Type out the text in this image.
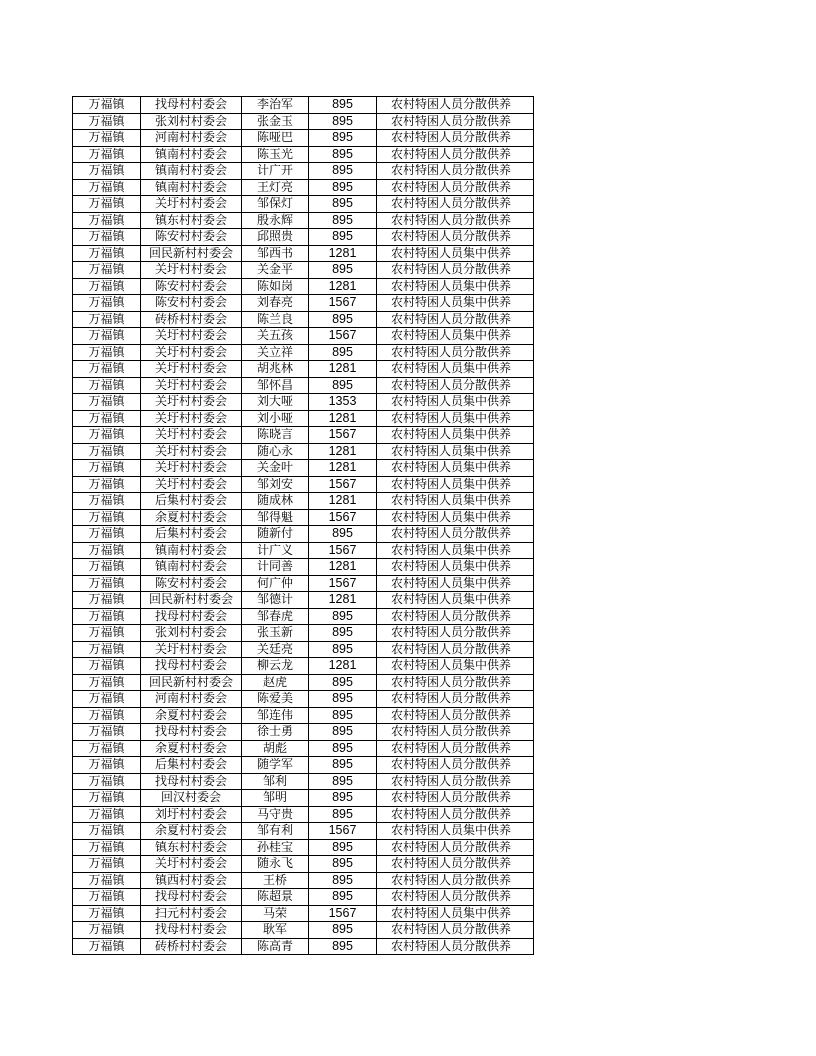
万福镇	找母村村委会	李治军	895	农村特困人员分散供养
万福镇	张刘村村委会	张金玉	895	农村特困人员分散供养
万福镇	河南村村委会	陈哑巴	895	农村特困人员分散供养
万福镇	镇南村村委会	陈玉光	895	农村特困人员分散供养
万福镇	镇南村村委会	计广开	895	农村特困人员分散供养
万福镇	镇南村村委会	王灯亮	895	农村特困人员分散供养
万福镇	关圩村村委会	邹保灯	895	农村特困人员分散供养
万福镇	镇东村村委会	殷永辉	895	农村特困人员分散供养
万福镇	陈安村村委会	邱照贵	895	农村特困人员分散供养
万福镇	回民新村村委会	邹西书	1281	农村特困人员集中供养
万福镇	关圩村村委会	关金平	895	农村特困人员分散供养
万福镇	陈安村村委会	陈如岗	1281	农村特困人员集中供养
万福镇	陈安村村委会	刘春亮	1567	农村特困人员集中供养
万福镇	砖桥村村委会	陈兰良	895	农村特困人员分散供养
万福镇	关圩村村委会	关五孩	1567	农村特困人员集中供养
万福镇	关圩村村委会	关立祥	895	农村特困人员分散供养
万福镇	关圩村村委会	胡兆林	1281	农村特困人员集中供养
万福镇	关圩村村委会	邹怀昌	895	农村特困人员分散供养
万福镇	关圩村村委会	刘大哑	1353	农村特困人员集中供养
万福镇	关圩村村委会	刘小哑	1281	农村特困人员集中供养
万福镇	关圩村村委会	陈晓言	1567	农村特困人员集中供养
万福镇	关圩村村委会	随心永	1281	农村特困人员集中供养
万福镇	关圩村村委会	关金叶	1281	农村特困人员集中供养
万福镇	关圩村村委会	邹刘安	1567	农村特困人员集中供养
万福镇	后集村村委会	随成林	1281	农村特困人员集中供养
万福镇	余夏村村委会	邹得魁	1567	农村特困人员集中供养
万福镇	后集村村委会	随新付	895	农村特困人员分散供养
万福镇	镇南村村委会	计广义	1567	农村特困人员集中供养
万福镇	镇南村村委会	计同善	1281	农村特困人员集中供养
万福镇	陈安村村委会	何广仲	1567	农村特困人员集中供养
万福镇	回民新村村委会	邹德计	1281	农村特困人员集中供养
万福镇	找母村村委会	邹春虎	895	农村特困人员分散供养
万福镇	张刘村村委会	张玉新	895	农村特困人员分散供养
万福镇	关圩村村委会	关廷亮	895	农村特困人员分散供养
万福镇	找母村村委会	柳云龙	1281	农村特困人员集中供养
万福镇	回民新村村委会	赵虎	895	农村特困人员分散供养
万福镇	河南村村委会	陈爱美	895	农村特困人员分散供养
万福镇	余夏村村委会	邹连伟	895	农村特困人员分散供养
万福镇	找母村村委会	徐士勇	895	农村特困人员分散供养
万福镇	余夏村村委会	胡彪	895	农村特困人员分散供养
万福镇	后集村村委会	随学军	895	农村特困人员分散供养
万福镇	找母村村委会	邹利	895	农村特困人员分散供养
万福镇	回汉村委会	邹明	895	农村特困人员分散供养
万福镇	刘圩村村委会	马守贵	895	农村特困人员分散供养
万福镇	余夏村村委会	邹有利	1567	农村特困人员集中供养
万福镇	镇东村村委会	孙桂宝	895	农村特困人员分散供养
万福镇	关圩村村委会	随永飞	895	农村特困人员分散供养
万福镇	镇西村村委会	王桥	895	农村特困人员分散供养
万福镇	找母村村委会	陈超景	895	农村特困人员分散供养
万福镇	扫元村村委会	马荣	1567	农村特困人员集中供养
万福镇	找母村村委会	耿军	895	农村特困人员分散供养
万福镇	砖桥村村委会	陈高青	895	农村特困人员分散供养
